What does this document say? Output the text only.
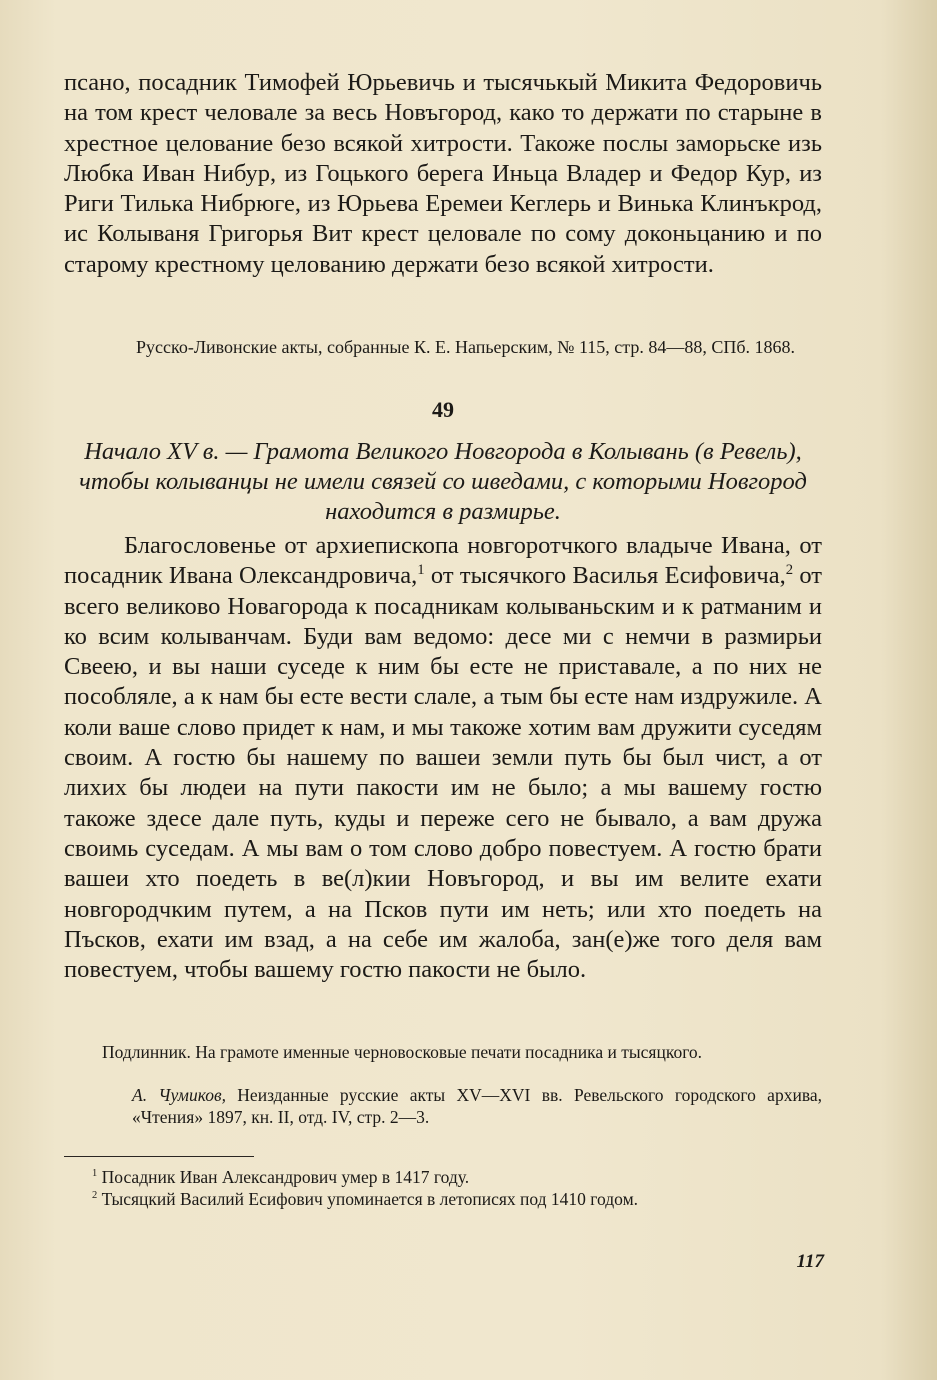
псано, посадник Тимофей Юрьевичь и тысячькый Микита Федоровичь на том крест человале за весь Новъгород, како то держати по старыне в хрестное целование безо всякой хитрости. Такоже послы заморьске изь Любка Иван Нибур, из Гоцького берега Иньца Владер и Федор Кур, из Риги Тилька Нибрюге, из Юрьева Еремеи Кеглерь и Винька Клинъкрод, ис Колываня Григорья Вит крест целовале по сому доконьцанию и по старому крестному целованию держати безо всякой хитрости.

Русско-Ливонские акты, собранные К. Е. Напьерским, № 115, стр. 84—88, СПб. 1868.

49

Начало XV в. — Грамота Великого Новгорода в Колывань (в Ревель), чтобы колыванцы не имели связей со шведами, с которыми Новгород находится в размирье.

Благословенье от архиепископа новгоротчкого владыче Ивана, от посадник Ивана Олександровича,$^1$ от тысячкого Василья Есифовича,$^2$ от всего великово Новагорода к посадникам колываньским и к ратманим и ко всим колыванчам. Буди вам ведомо: десе ми с немчи в размирьи Свеею, и вы наши суседе к ним бы есте не приставале, а по них не пособляле, а к нам бы есте вести слале, а тым бы есте нам издружиле. А коли ваше слово придет к нам, и мы такоже хотим вам дружити суседям своим. А гостю бы нашему по вашеи земли путь бы был чист, а от лихих бы людеи на пути пакости им не было; а мы вашему гостю такоже здесе дале путь, куды и переже сего не бывало, а вам дружа своимь суседам. А мы вам о том слово добро повестуем. А гостю брати вашеи хто поедеть в ве(л)кии Новъгород, и вы им велите ехати новгородчким путем, а на Псков пути им неть; или хто поедеть на Пъсков, ехати им взад, а на себе им жалоба, зан(е)же того деля вам повестуем, чтобы вашему гостю пакости не было.

Подлинник. На грамоте именные черновосковые печати посадника и тысяцкого.

А. Чумиков, Неизданные русские акты XV—XVI вв. Ревельского городского архива, «Чтения» 1897, кн. II, отд. IV, стр. 2—3.

$^1$ Посадник Иван Александрович умер в 1417 году.

$^2$ Тысяцкий Василий Есифович упоминается в летописях под 1410 годом.

117
